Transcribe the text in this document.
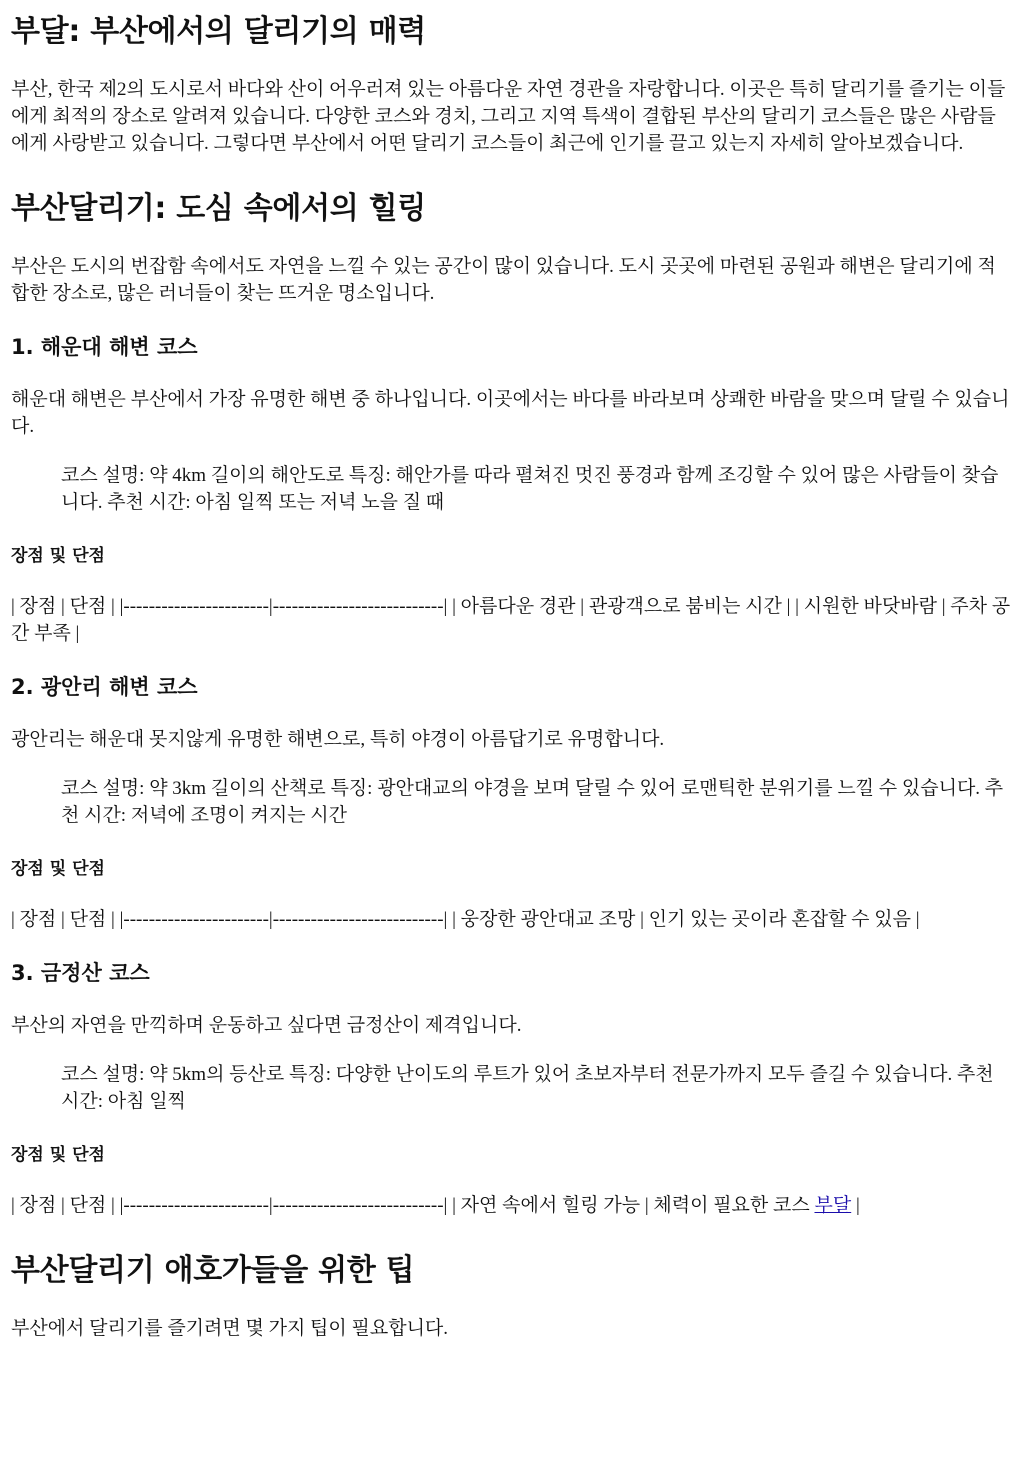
부달: 부산에서의 달리기의 매력

부산, 한국 제2의 도시로서 바다와 산이 어우러져 있는 아름다운 자연 경관을 자랑합니다. 이곳은 특히 달리기를 즐기는 이들에게 최적의 장소로 알려져 있습니다. 다양한 코스와 경치, 그리고 지역 특색이 결합된 부산의 달리기 코스들은 많은 사람들에게 사랑받고 있습니다. 그렇다면 부산에서 어떤 달리기 코스들이 최근에 인기를 끌고 있는지 자세히 알아보겠습니다.

부산달리기: 도심 속에서의 힐링

부산은 도시의 번잡함 속에서도 자연을 느낄 수 있는 공간이 많이 있습니다. 도시 곳곳에 마련된 공원과 해변은 달리기에 적합한 장소로, 많은 러너들이 찾는 뜨거운 명소입니다.

1. 해운대 해변 코스

해운대 해변은 부산에서 가장 유명한 해변 중 하나입니다. 이곳에서는 바다를 바라보며 상쾌한 바람을 맞으며 달릴 수 있습니다.

코스 설명: 약 4km 길이의 해안도로 특징: 해안가를 따라 펼쳐진 멋진 풍경과 함께 조깅할 수 있어 많은 사람들이 찾습니다. 추천 시간: 아침 일찍 또는 저녁 노을 질 때
장점 및 단점

| 장점 | 단점 | |-----------------------|---------------------------| | 아름다운 경관 | 관광객으로 붐비는 시간 | | 시원한 바닷바람 | 주차 공간 부족 |

2. 광안리 해변 코스

광안리는 해운대 못지않게 유명한 해변으로, 특히 야경이 아름답기로 유명합니다.

코스 설명: 약 3km 길이의 산책로 특징: 광안대교의 야경을 보며 달릴 수 있어 로맨틱한 분위기를 느낄 수 있습니다. 추천 시간: 저녁에 조명이 켜지는 시간
장점 및 단점

| 장점 | 단점 | |-----------------------|---------------------------| | 웅장한 광안대교 조망 | 인기 있는 곳이라 혼잡할 수 있음 |

3. 금정산 코스

부산의 자연을 만끽하며 운동하고 싶다면 금정산이 제격입니다.

코스 설명: 약 5km의 등산로 특징: 다양한 난이도의 루트가 있어 초보자부터 전문가까지 모두 즐길 수 있습니다. 추천 시간: 아침 일찍
장점 및 단점

| 장점 | 단점 | |-----------------------|---------------------------| | 자연 속에서 힐링 가능 | 체력이 필요한 코스 부달 |

부산달리기 애호가들을 위한 팁

부산에서 달리기를 즐기려면 몇 가지 팁이 필요합니다.
